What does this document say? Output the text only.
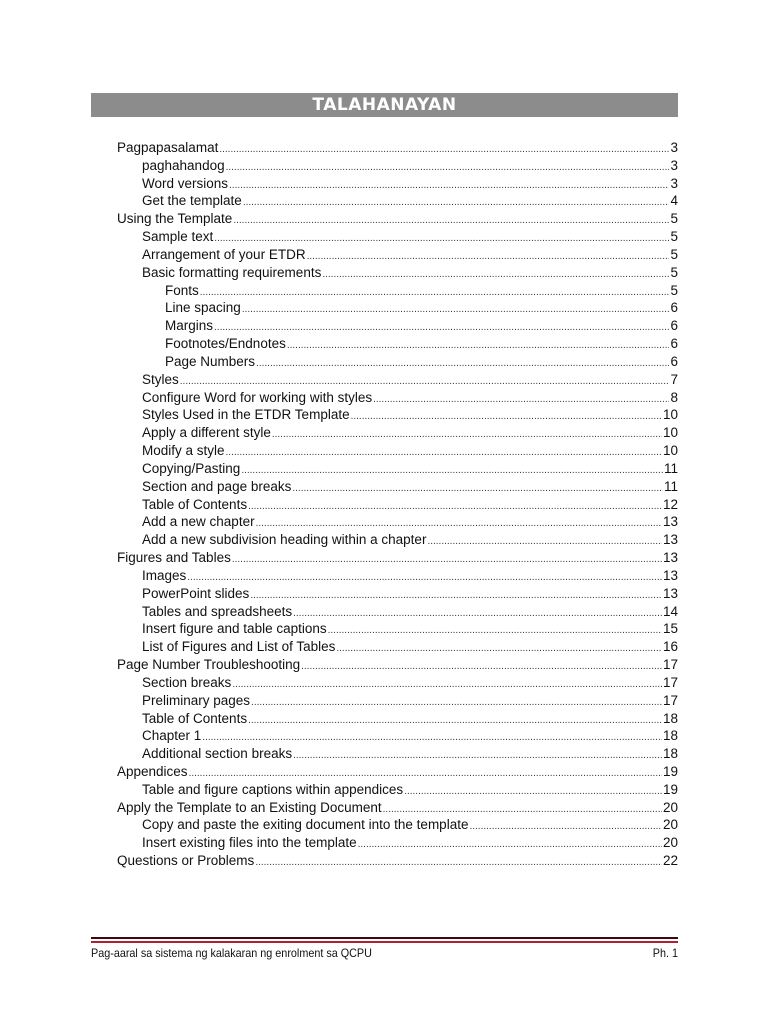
TALAHANAYAN
Pagpapasalamat .....	3
paghahandog .....	3
Word versions .....	3
Get the template .....	4
Using the Template .....	5
Sample text .....	5
Arrangement of your ETDR .....	5
Basic formatting requirements .....	5
Fonts .....	5
Line spacing .....	6
Margins .....	6
Footnotes/Endnotes .....	6
Page Numbers .....	6
Styles .....	7
Configure Word for working with styles .....	8
Styles Used in the ETDR Template .....	10
Apply a different style .....	10
Modify a style .....	10
Copying/Pasting .....	11
Section and page breaks .....	11
Table of Contents .....	12
Add a new chapter .....	13
Add a new subdivision heading within a chapter .....	13
Figures and Tables .....	13
Images .....	13
PowerPoint slides .....	13
Tables and spreadsheets .....	14
Insert figure and table captions .....	15
List of Figures and List of Tables .....	16
Page Number Troubleshooting .....	17
Section breaks .....	17
Preliminary pages .....	17
Table of Contents .....	18
Chapter 1 .....	18
Additional section breaks .....	18
Appendices .....	19
Table and figure captions within appendices .....	19
Apply the Template to an Existing Document .....	20
Copy and paste the exiting document into the template .....	20
Insert existing files into the template .....	20
Questions or Problems .....	22
Pag-aaral sa sistema ng kalakaran ng enrolment sa QCPU	Ph. 1
